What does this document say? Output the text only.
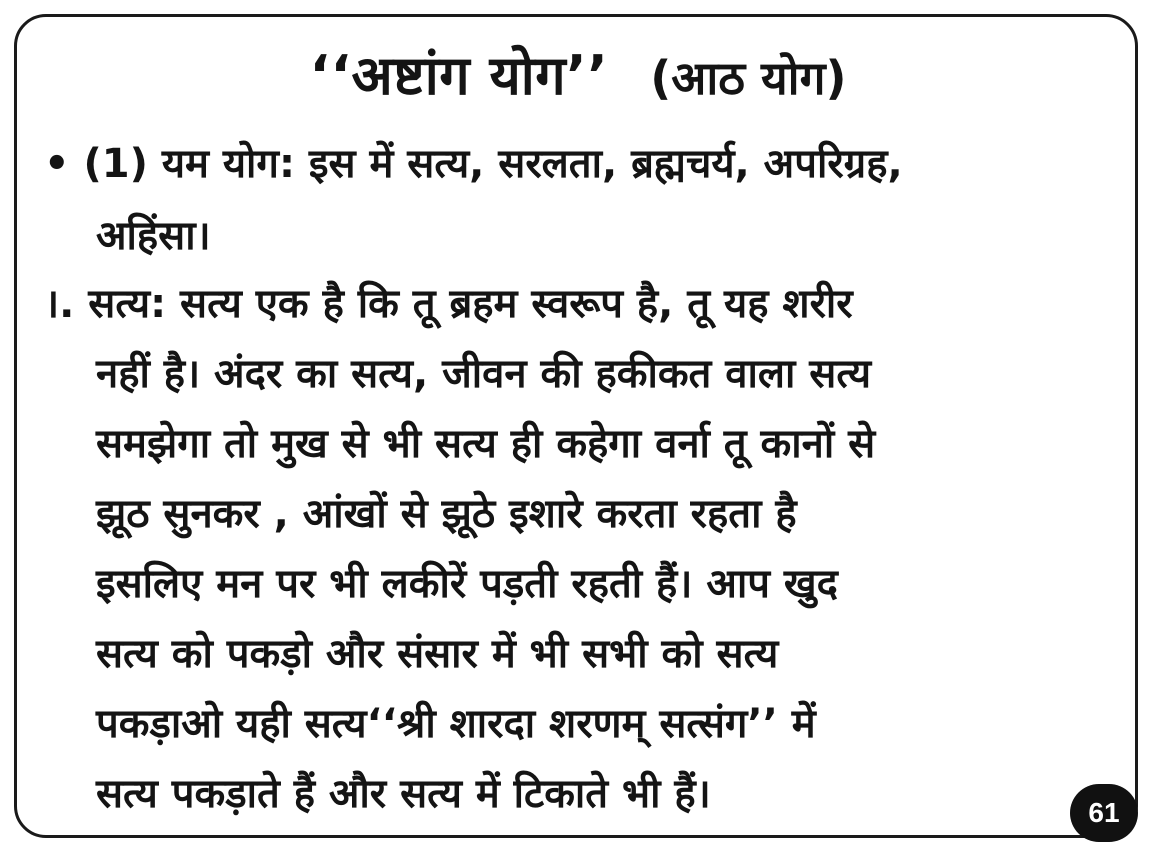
‘‘अष्टांग योग’’ (आठ योग)
• (1) यम योग: इस में सत्य, सरलता, ब्रह्मचर्य, अपरिग्रह,
अहिंसा।
।. सत्य: सत्य एक है कि तू ब्रहम स्वरूप है, तू यह शरीर
नहीं है। अंदर का सत्य, जीवन की हकीकत वाला सत्य
समझेगा तो मुख से भी सत्य ही कहेगा वर्ना तू कानों से
झूठ सुनकर , आंखों से झूठे इशारे करता रहता है
इसलिए मन पर भी लकीरें पड़ती रहती हैं। आप खुद
सत्य को पकड़ो और संसार में भी सभी को सत्य
पकड़ाओ यही सत्य‘‘श्री शारदा शरणम् सत्संग’’ में
सत्य पकड़ाते हैं और सत्य में टिकाते भी हैं।	61
